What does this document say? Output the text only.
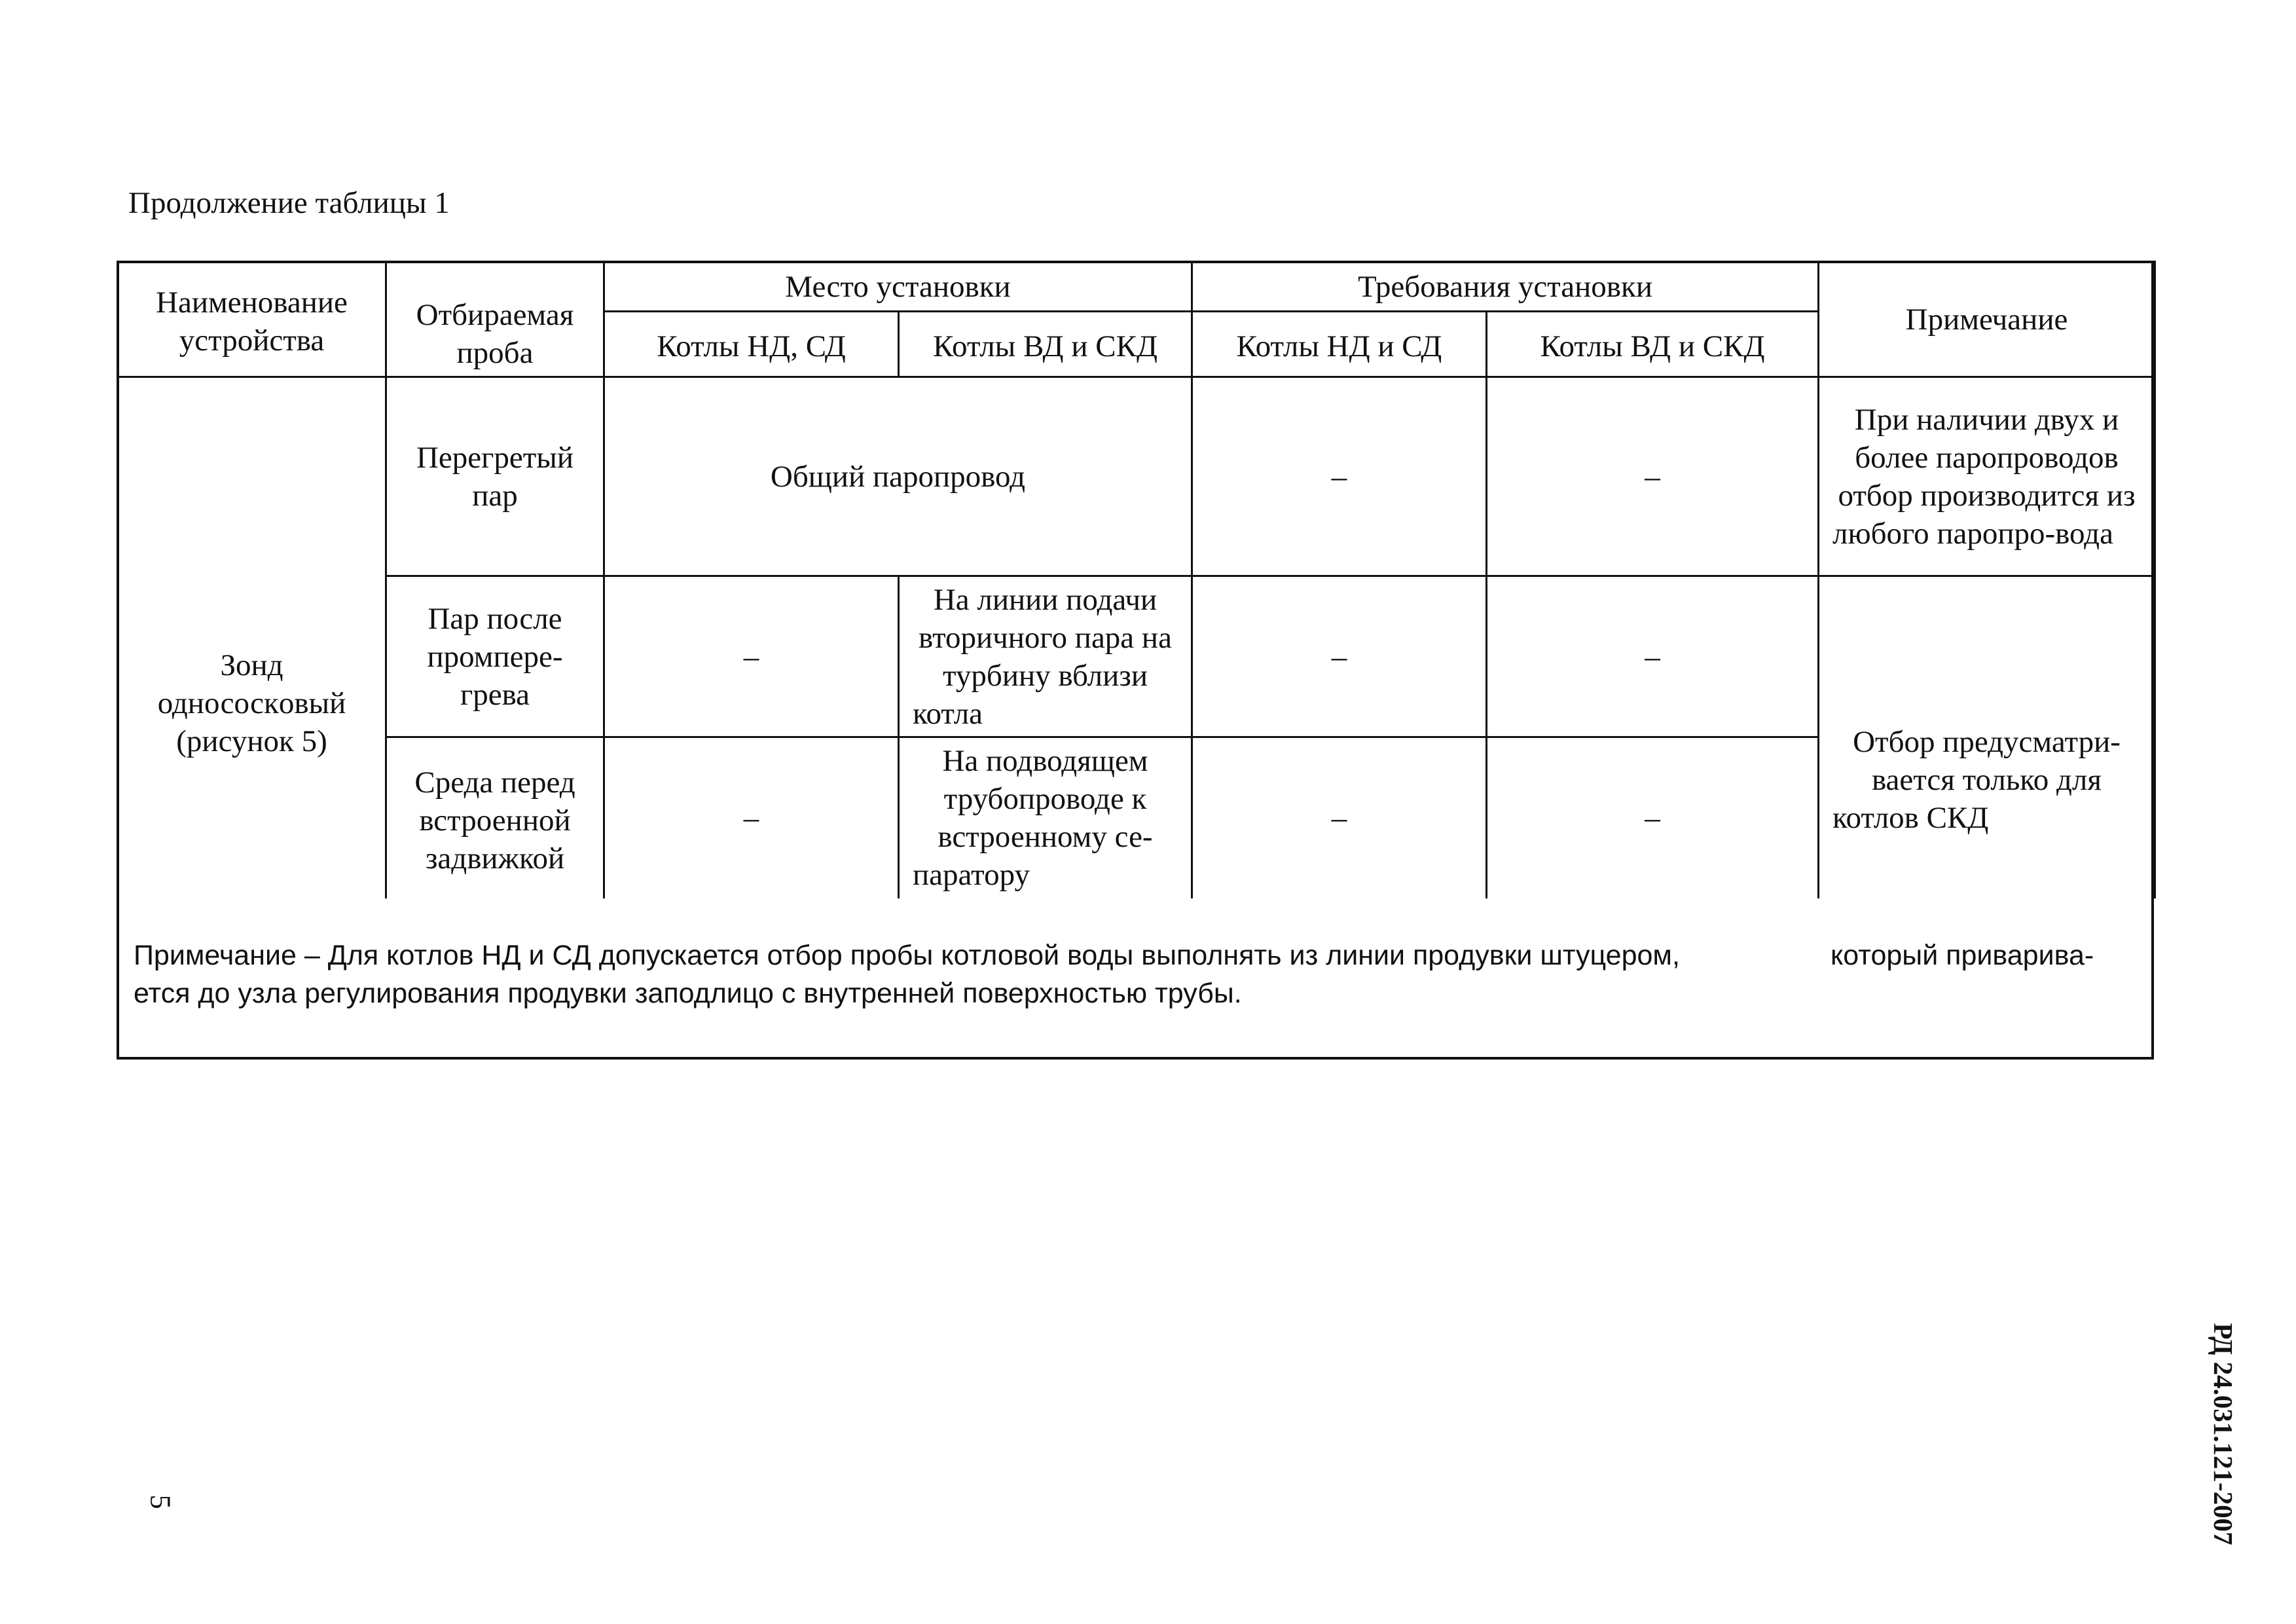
Продолжение таблицы 1
Наименование устройства	Отбираемая проба	Место установки		Требования установки		Примечание
		Котлы НД, СД	Котлы ВД и СКД	Котлы НД и СД	Котлы ВД и СКД	
Зонд однососкoвый (рисунок 5)	Перегретый пар	Общий паропровод		–	–	При наличии двух и более паропроводов отбор производится из любого паропро-вода
	Пар после промпере-грева	–	На линии подачи вторичного пара на турбину вблизи котла	–	–	Отбор предусматри-вается только для котлов СКД
	Среда перед встроенной задвижкой	–	На подводящем трубопроводе к встроенному се-паратору	–	–	
Примечание – Для котлов НД и СД допускается отбор пробы котловой воды выполнять из линии продувки штуцером,	который приварива-
ется до узла регулирования продувки заподлицо с внутренней поверхностью трубы.
РД 24.031.121-2007
5
